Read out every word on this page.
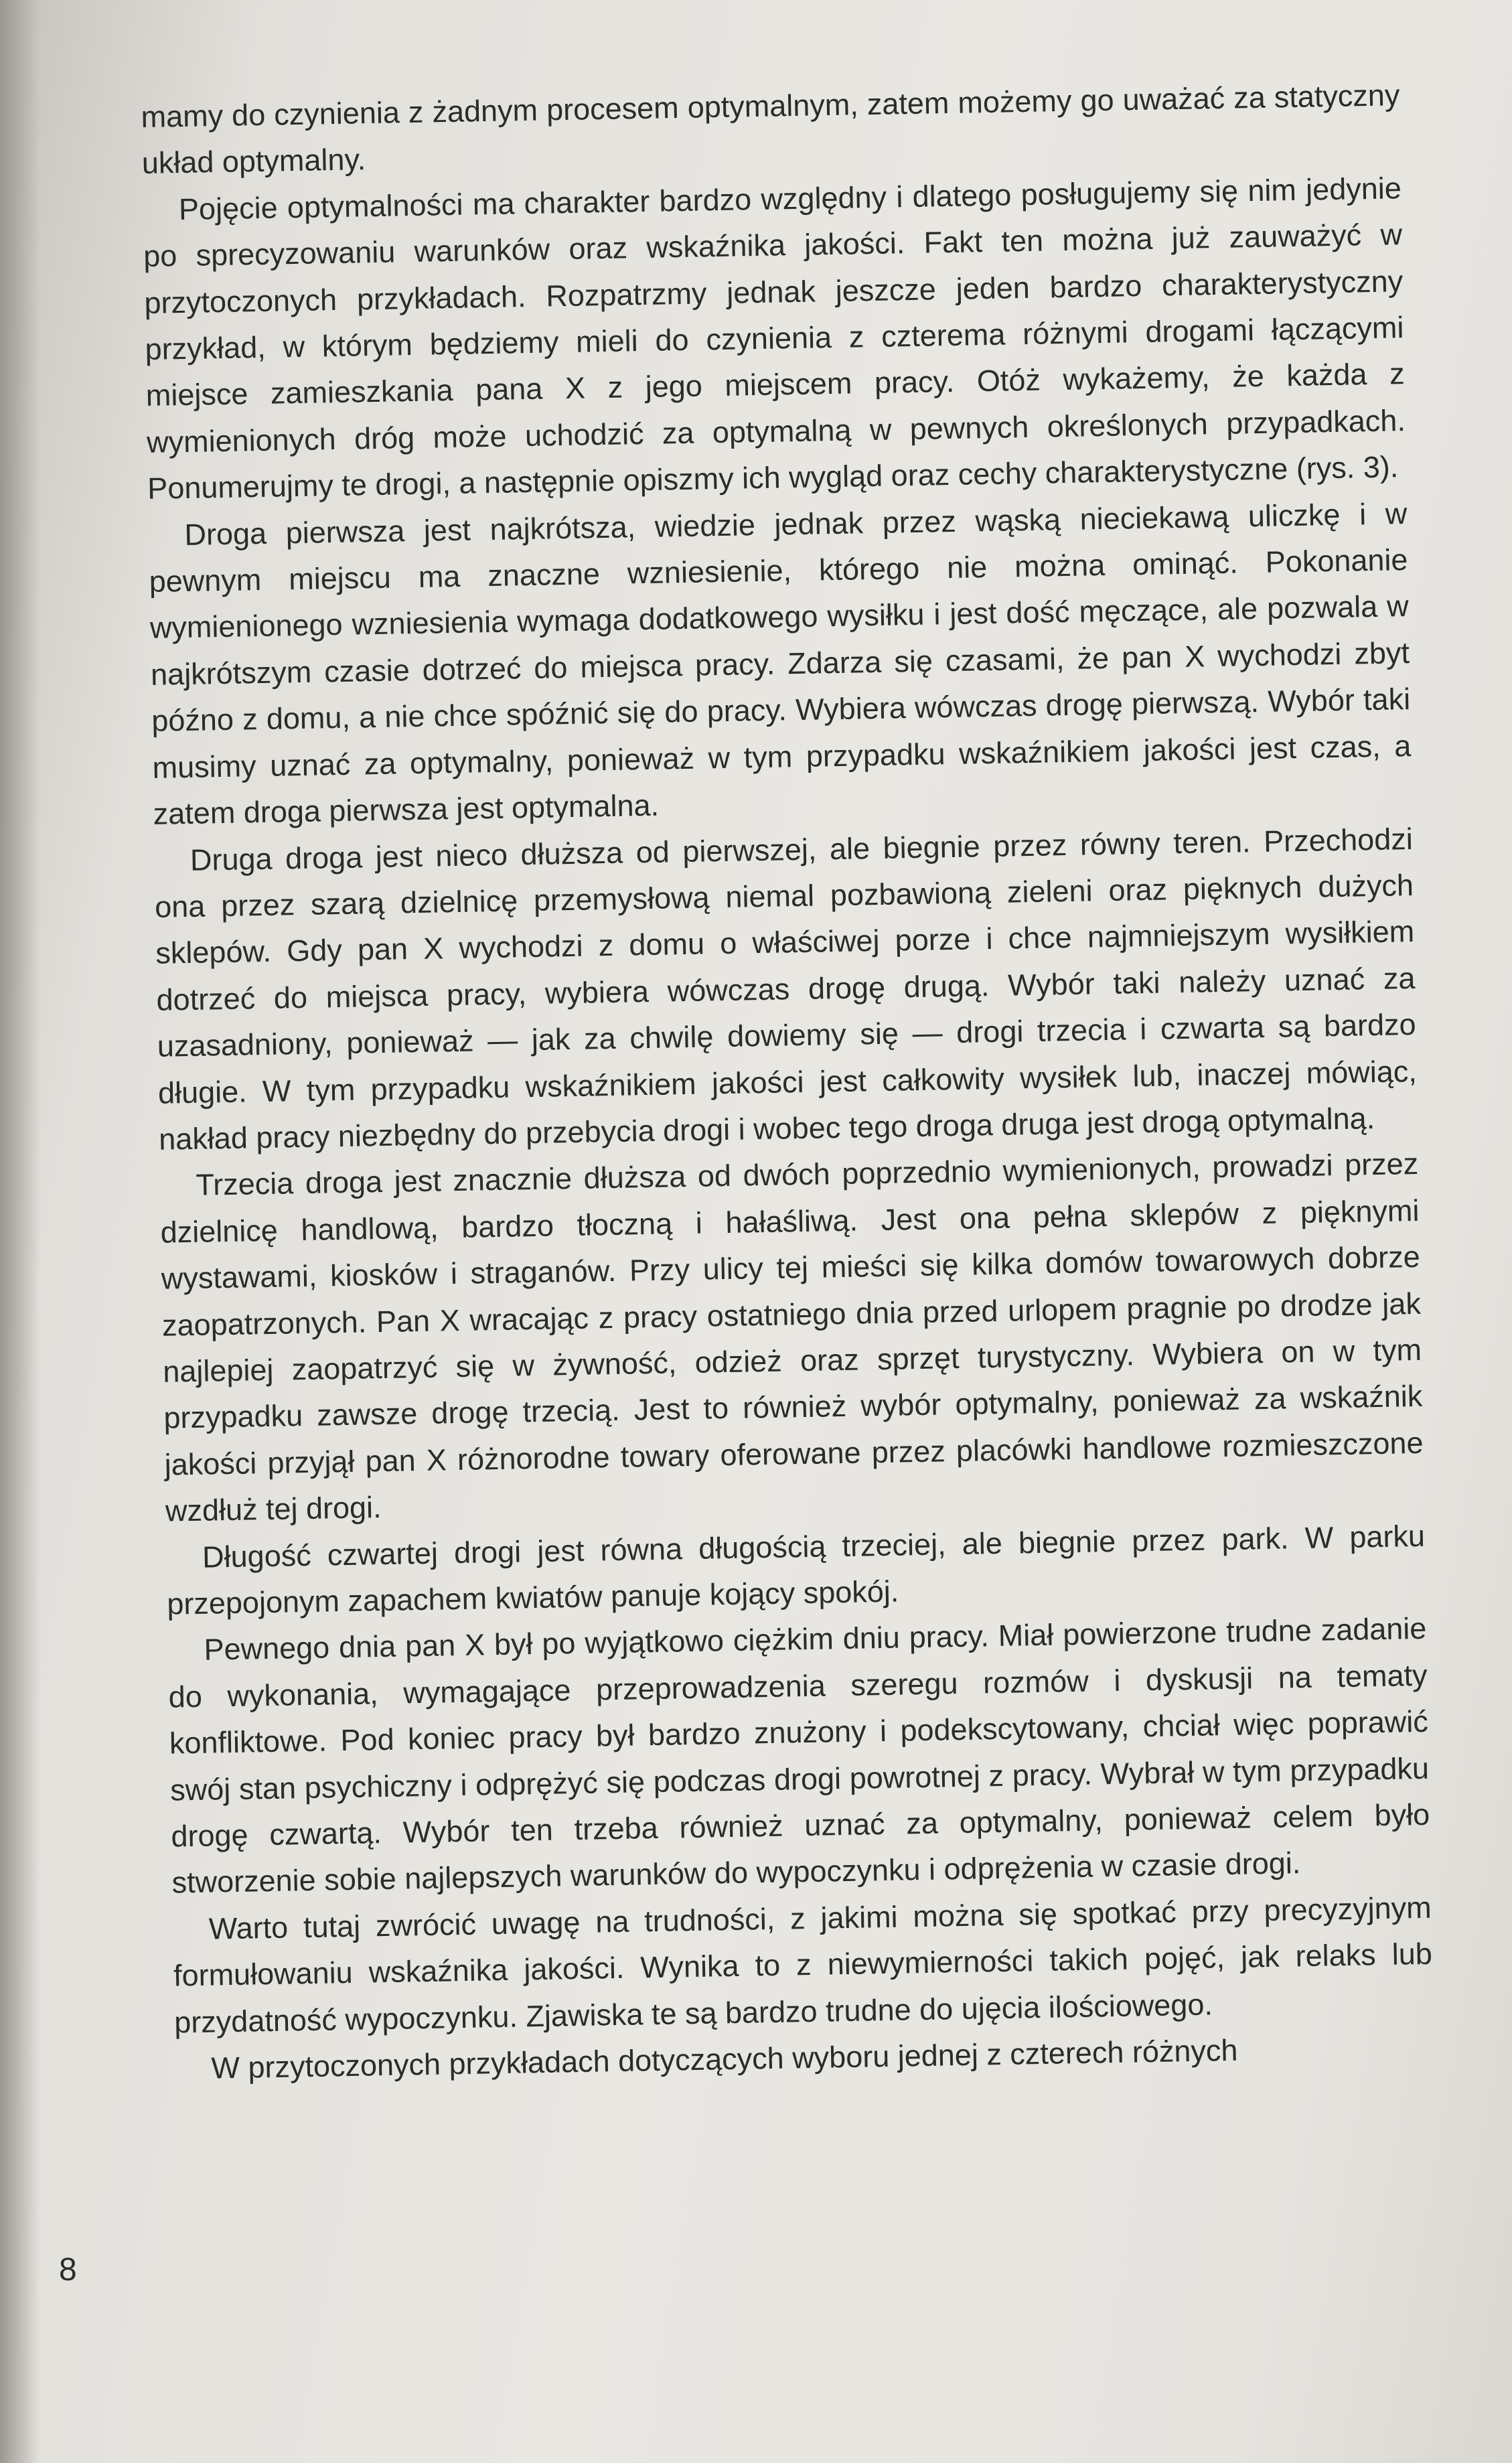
mamy do czynienia z żadnym procesem optymalnym, zatem możemy go uważać za statyczny układ optymalny.

Pojęcie optymalności ma charakter bardzo względny i dlatego posługujemy się nim jedynie po sprecyzowaniu warunków oraz wskaźnika jakości. Fakt ten można już zauważyć w przytoczonych przykładach. Rozpatrzmy jednak jeszcze jeden bardzo charakterystyczny przykład, w którym będziemy mieli do czynienia z czterema różnymi drogami łączącymi miejsce zamieszkania pana X z jego miejscem pracy. Otóż wykażemy, że każda z wymienionych dróg może uchodzić za optymalną w pewnych określonych przypadkach. Ponumerujmy te drogi, a następnie opiszmy ich wygląd oraz cechy charakterystyczne (rys. 3).

Droga pierwsza jest najkrótsza, wiedzie jednak przez wąską nieciekawą uliczkę i w pewnym miejscu ma znaczne wzniesienie, którego nie można ominąć. Pokonanie wymienionego wzniesienia wymaga dodatkowego wysiłku i jest dość męczące, ale pozwala w najkrótszym czasie dotrzeć do miejsca pracy. Zdarza się czasami, że pan X wychodzi zbyt późno z domu, a nie chce spóźnić się do pracy. Wybiera wówczas drogę pierwszą. Wybór taki musimy uznać za optymalny, ponieważ w tym przypadku wskaźnikiem jakości jest czas, a zatem droga pierwsza jest optymalna.

Druga droga jest nieco dłuższa od pierwszej, ale biegnie przez równy teren. Przechodzi ona przez szarą dzielnicę przemysłową niemal pozbawioną zieleni oraz pięknych dużych sklepów. Gdy pan X wychodzi z domu o właściwej porze i chce najmniejszym wysiłkiem dotrzeć do miejsca pracy, wybiera wówczas drogę drugą. Wybór taki należy uznać za uzasadniony, ponieważ — jak za chwilę dowiemy się — drogi trzecia i czwarta są bardzo długie. W tym przypadku wskaźnikiem jakości jest całkowity wysiłek lub, inaczej mówiąc, nakład pracy niezbędny do przebycia drogi i wobec tego droga druga jest drogą optymalną.

Trzecia droga jest znacznie dłuższa od dwóch poprzednio wymienionych, prowadzi przez dzielnicę handlową, bardzo tłoczną i hałaśliwą. Jest ona pełna sklepów z pięknymi wystawami, kiosków i straganów. Przy ulicy tej mieści się kilka domów towarowych dobrze zaopatrzonych. Pan X wracając z pracy ostatniego dnia przed urlopem pragnie po drodze jak najlepiej zaopatrzyć się w żywność, odzież oraz sprzęt turystyczny. Wybiera on w tym przypadku zawsze drogę trzecią. Jest to również wybór optymalny, ponieważ za wskaźnik jakości przyjął pan X różnorodne towary oferowane przez placówki handlowe rozmieszczone wzdłuż tej drogi.

Długość czwartej drogi jest równa długością trzeciej, ale biegnie przez park. W parku przepojonym zapachem kwiatów panuje kojący spokój.

Pewnego dnia pan X był po wyjątkowo ciężkim dniu pracy. Miał powierzone trudne zadanie do wykonania, wymagające przeprowadzenia szeregu rozmów i dyskusji na tematy konfliktowe. Pod koniec pracy był bardzo znużony i podekscytowany, chciał więc poprawić swój stan psychiczny i odprężyć się podczas drogi powrotnej z pracy. Wybrał w tym przypadku drogę czwartą. Wybór ten trzeba również uznać za optymalny, ponieważ celem było stworzenie sobie najlepszych warunków do wypoczynku i odprężenia w czasie drogi.

Warto tutaj zwrócić uwagę na trudności, z jakimi można się spotkać przy precyzyjnym formułowaniu wskaźnika jakości. Wynika to z niewymierności takich pojęć, jak relaks lub przydatność wypoczynku. Zjawiska te są bardzo trudne do ujęcia ilościowego.

W przytoczonych przykładach dotyczących wyboru jednej z czterech różnych

8
